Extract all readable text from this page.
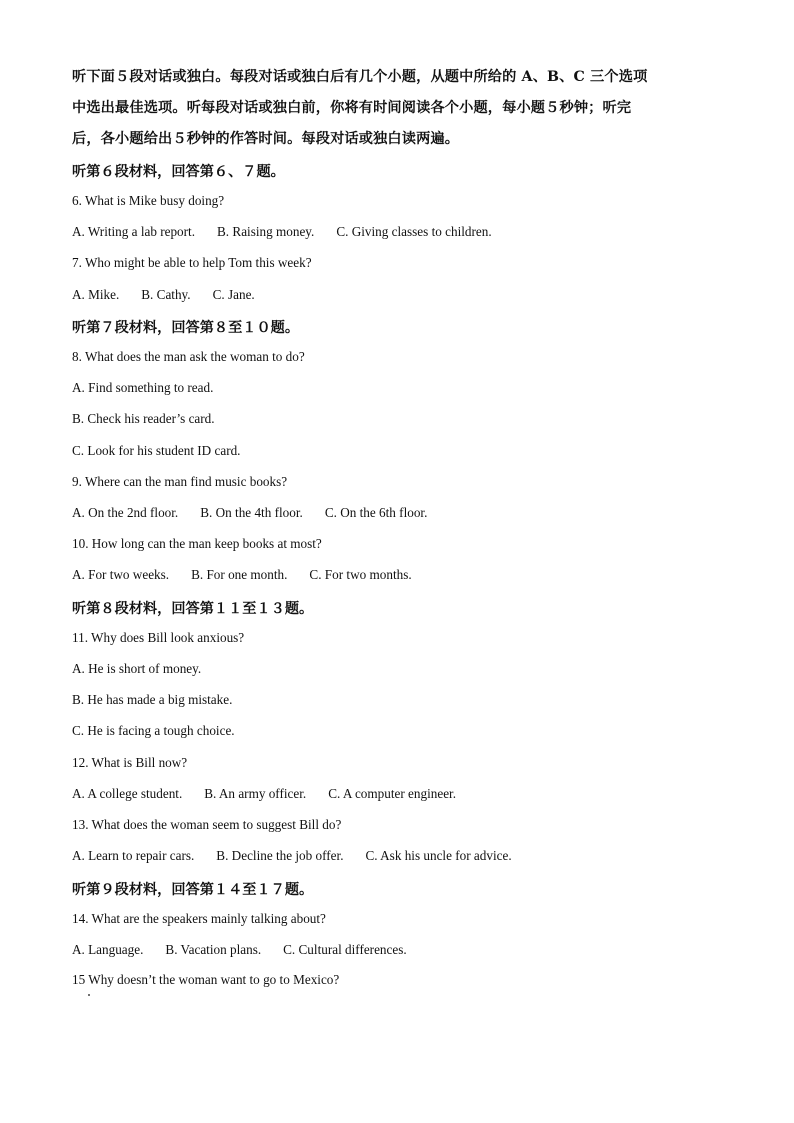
听下面５段对话或独白。每段对话或独白后有几个小题，从题中所给的 A、B、C 三个选项
中选出最佳选项。听每段对话或独白前，你将有时间阅读各个小题，每小题５秒钟；听完
后，各小题给出５秒钟的作答时间。每段对话或独白读两遍。
听第６段材料，回答第６、７题。
6. What is Mike busy doing?
A. Writing a lab report. B. Raising money. C. Giving classes to children.
7. Who might be able to help Tom this week?
A. Mike. B. Cathy. C. Jane.
听第７段材料，回答第８至１０题。
8. What does the man ask the woman to do?
A. Find something to read.
B. Check his reader’s card.
C. Look for his student ID card.
9. Where can the man find music books?
A. On the 2nd floor. B. On the 4th floor. C. On the 6th floor.
10. How long can the man keep books at most?
A. For two weeks. B. For one month. C. For two months.
听第８段材料，回答第１１至１３题。
11. Why does Bill look anxious?
A. He is short of money.
B. He has made a big mistake.
C. He is facing a tough choice.
12. What is Bill now?
A. A college student. B. An army officer. C. A computer engineer.
13. What does the woman seem to suggest Bill do?
A. Learn to repair cars. B. Decline the job offer. C. Ask his uncle for advice.
听第９段材料，回答第１４至１７题。
14. What are the speakers mainly talking about?
A. Language. B. Vacation plans. C. Cultural differences.
15 Why doesn’t the woman want to go to Mexico?
